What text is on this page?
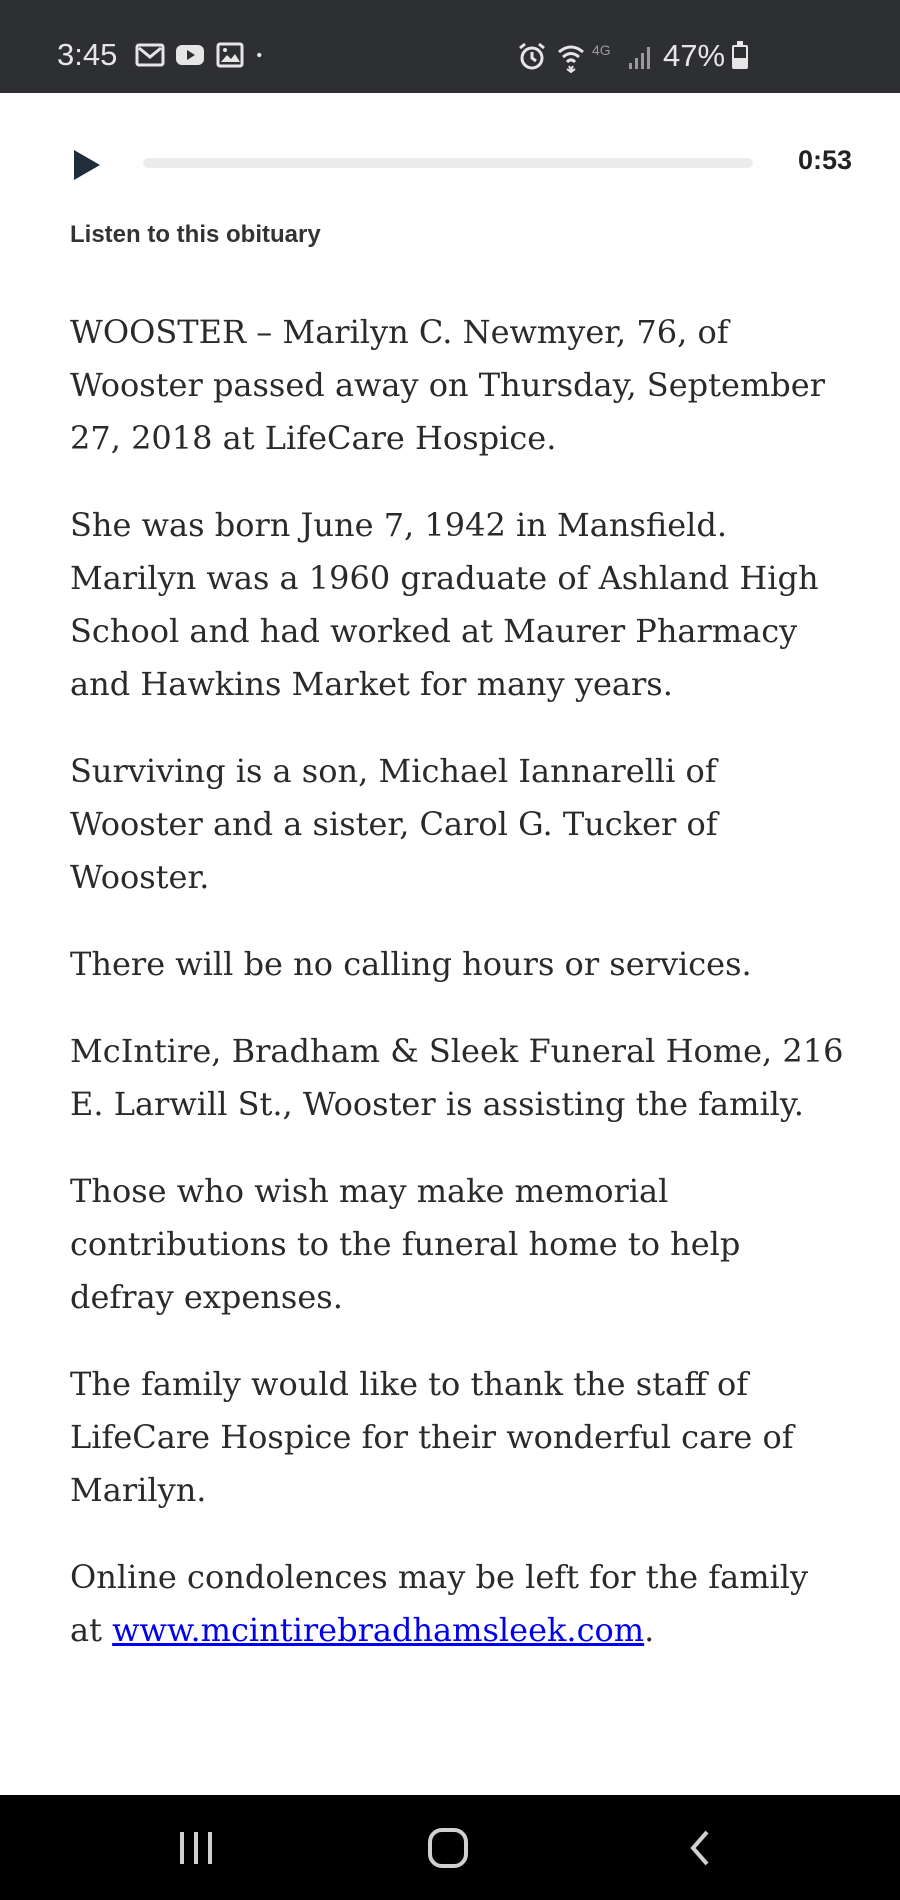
3:45	4G 47%
0:53
Listen to this obituary

WOOSTER – Marilyn C. Newmyer, 76, of Wooster passed away on Thursday, September 27, 2018 at LifeCare Hospice.

She was born June 7, 1942 in Mansfield. Marilyn was a 1960 graduate of Ashland High School and had worked at Maurer Pharmacy and Hawkins Market for many years.

Surviving is a son, Michael Iannarelli of Wooster and a sister, Carol G. Tucker of Wooster.

There will be no calling hours or services.

McIntire, Bradham & Sleek Funeral Home, 216 E. Larwill St., Wooster is assisting the family.

Those who wish may make memorial contributions to the funeral home to help defray expenses.

The family would like to thank the staff of LifeCare Hospice for their wonderful care of Marilyn.

Online condolences may be left for the family at www.mcintirebradhamsleek.com.
